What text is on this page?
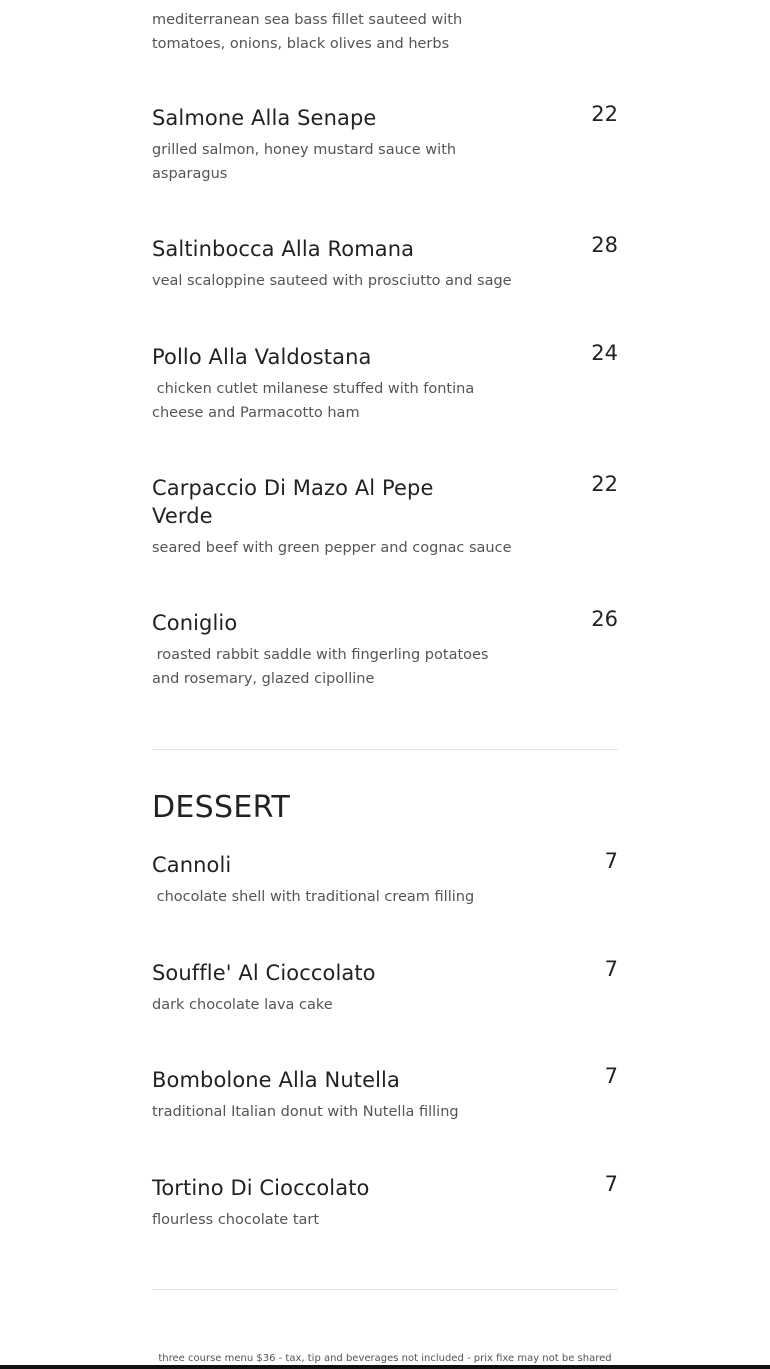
mediterranean sea bass fillet sauteed with tomatoes, onions, black olives and herbs
Salmone Alla Senape	22
grilled salmon, honey mustard sauce with asparagus
Saltinbocca Alla Romana	28
veal scaloppine sauteed with prosciutto and sage
Pollo Alla Valdostana	24
chicken cutlet milanese stuffed with fontina cheese and Parmacotto ham
Carpaccio Di Mazo Al Pepe Verde
22
seared beef with green pepper and cognac sauce
Coniglio	26
roasted rabbit saddle with fingerling potatoes and rosemary, glazed cipolline
DESSERT
Cannoli	7
chocolate shell with traditional cream filling
Souffle' Al Cioccolato	7
dark chocolate lava cake
Bombolone Alla Nutella	7
traditional Italian donut with Nutella filling
Tortino Di Cioccolato	7
flourless chocolate tart
three course menu $36 - tax, tip and beverages not included - prix fixe may not be shared
